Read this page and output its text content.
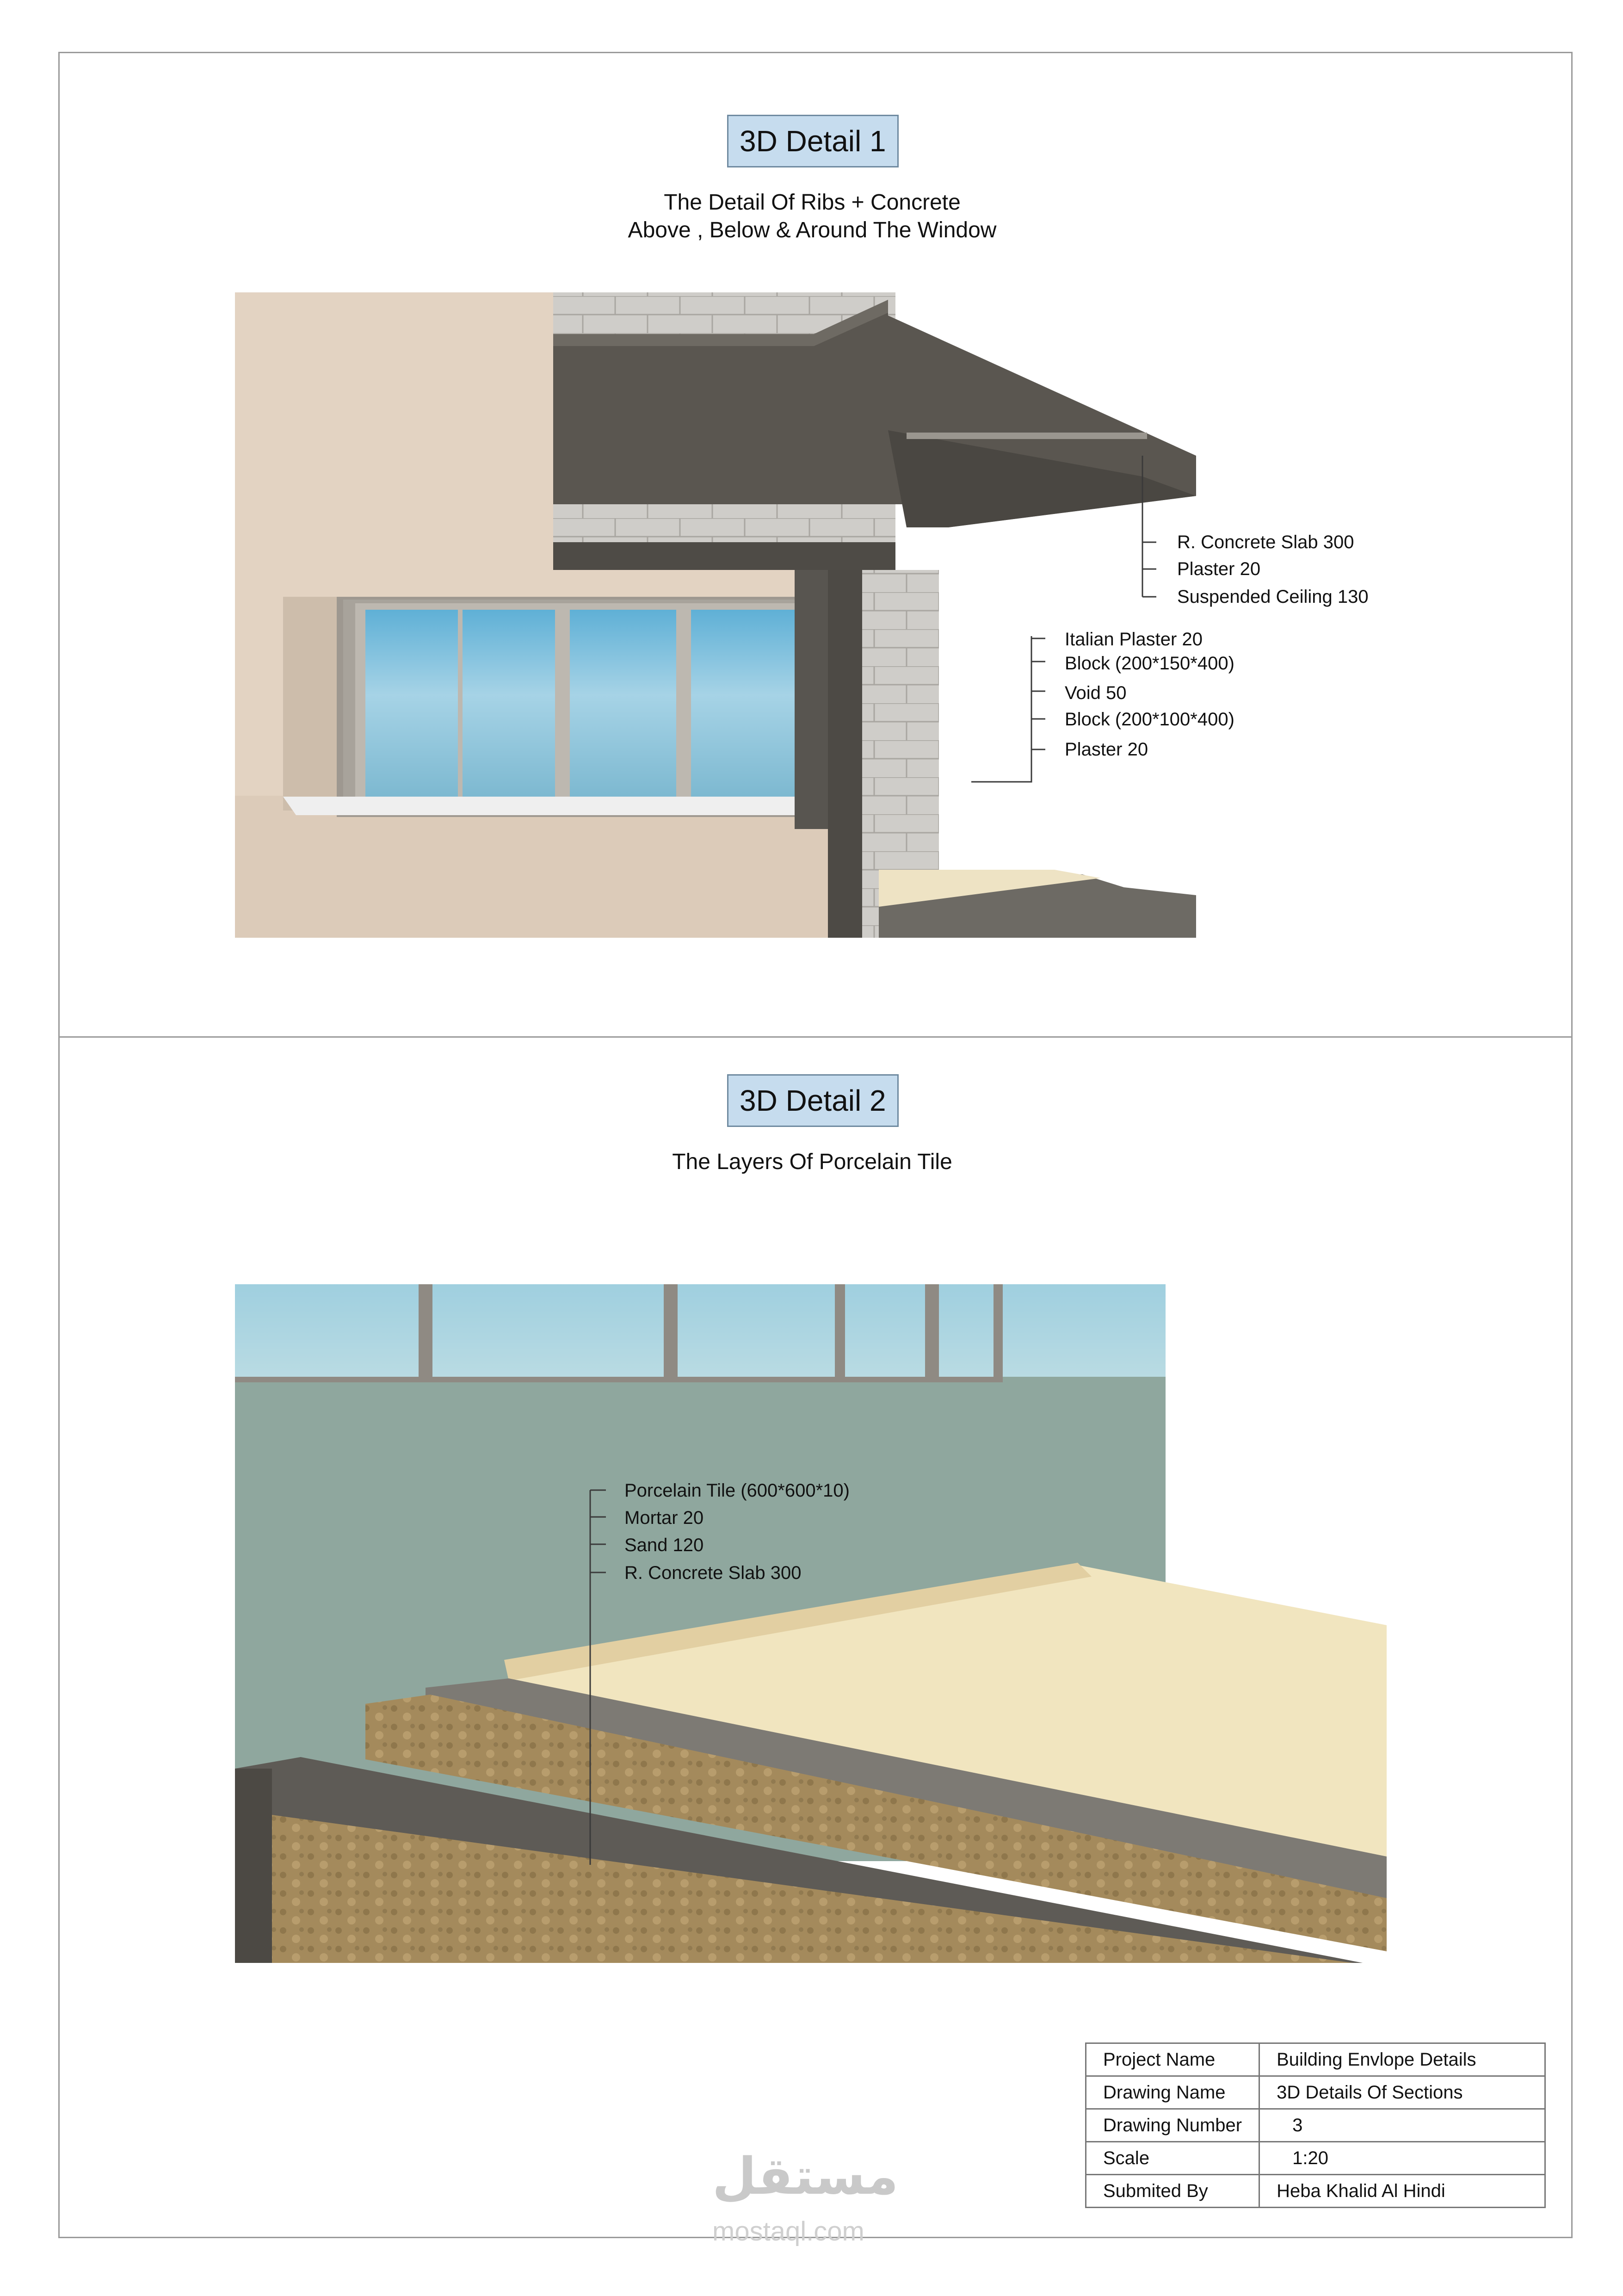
3D Detail 1
The Detail Of Ribs + Concrete
Above , Below & Around The Window
R. Concrete Slab 300
Plaster 20
Suspended Ceiling 130
Italian Plaster 20
Block (200*150*400)
Void 50
Block (200*100*400)
Plaster 20
3D Detail 2
The Layers Of Porcelain Tile
Porcelain Tile (600*600*10)
Mortar 20
Sand 120
R. Concrete Slab 300
Project Name	Building Envlope Details
Drawing Name	3D Details Of Sections
Drawing Number	3
Scale	1:20
Submited By	Heba Khalid Al Hindi
مستقل
mostaql.com
